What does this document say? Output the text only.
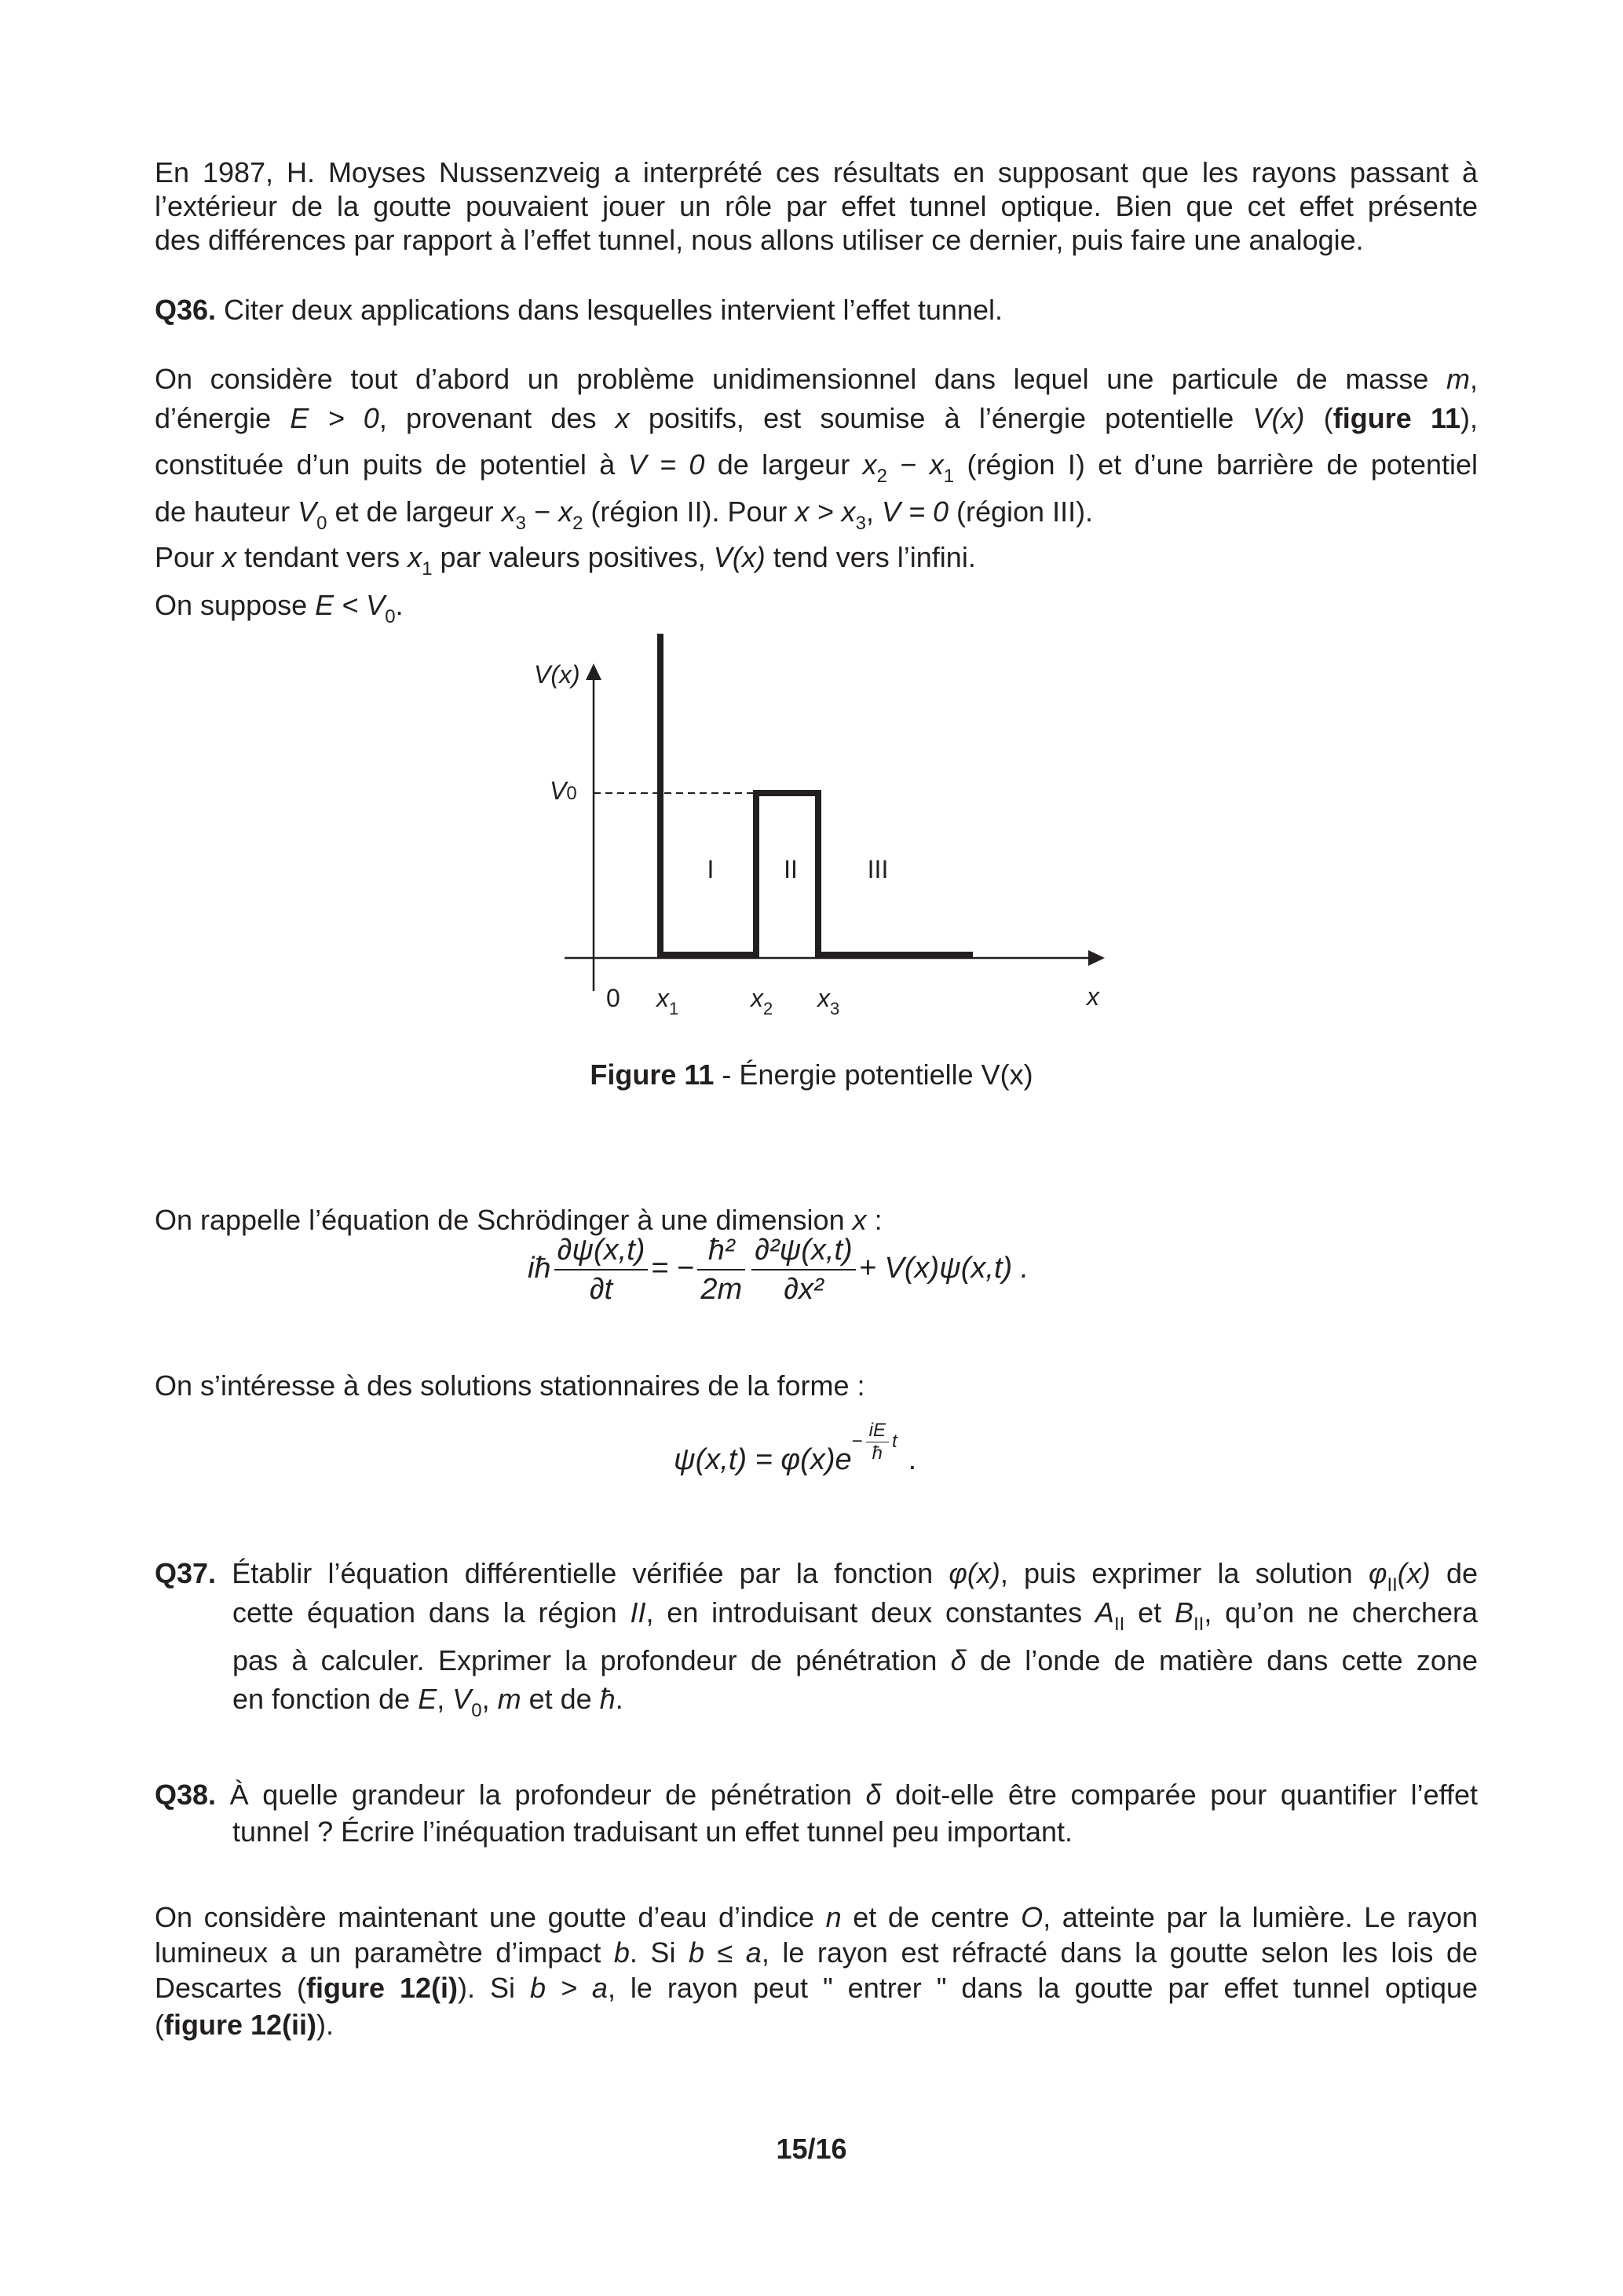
En 1987, H. Moyses Nussenzveig a interprété ces résultats en supposant que les rayons passant à
l’extérieur de la goutte pouvaient jouer un rôle par effet tunnel optique. Bien que cet effet présente
des différences par rapport à l’effet tunnel, nous allons utiliser ce dernier, puis faire une analogie.
Q36. Citer deux applications dans lesquelles intervient l’effet tunnel.
On considère tout d’abord un problème unidimensionnel dans lequel une particule de masse m,
d’énergie E > 0, provenant des x positifs, est soumise à l’énergie potentielle V(x) (figure 11),
constituée d’un puits de potentiel à V = 0 de largeur $x_2 - x_1$ (région I) et d’une barrière de potentiel
de hauteur $V_0$ et de largeur $x_3 - x_2$ (région II). Pour $x > x_3$, V = 0 (région III).
Pour x tendant vers $x_1$ par valeurs positives, V(x) tend vers l’infini.
On suppose $E < V_0$.
V(x)
V0
0 $x_1$	$x_2$ $x_3$	x
I	II	III
Figure 11 - Énergie potentielle V(x)
On rappelle l’équation de Schrödinger à une dimension x :
iħ $\frac{\partial\psi(x,t)}{\partial t}$ = − $\frac{\text{ħ²}}{2m} \frac{\text{∂²ψ(x,t)}}{\text{∂x²}} + V(x)\psi(x,t)$ .
On s’intéresse à des solutions stationnaires de la forme :
$\psi(x,t) = \varphi(x)e- \frac{iE}{ħ} t$.
Q37. Établir l’équation différentielle vérifiée par la fonction φ(x), puis exprimer la solution $\varphi_{II}(x)$ de
cette équation dans la région II, en introduisant deux constantes $A_{II}$ et $B_{II}$, qu’on ne cherchera
pas à calculer. Exprimer la profondeur de pénétration δ de l’onde de matière dans cette zone
en fonction de E, $V_0$, m et de ħ.
Q38. À quelle grandeur la profondeur de pénétration δ doit-elle être comparée pour quantifier l’effet
tunnel ? Écrire l’inéquation traduisant un effet tunnel peu important.
On considère maintenant une goutte d’eau d’indice n et de centre O, atteinte par la lumière. Le rayon
lumineux a un paramètre d’impact b. Si b ≤ a, le rayon est réfracté dans la goutte selon les lois de
Descartes (figure 12(i)). Si b > a, le rayon peut " entrer " dans la goutte par effet tunnel optique
(figure 12(ii)).
15/16
